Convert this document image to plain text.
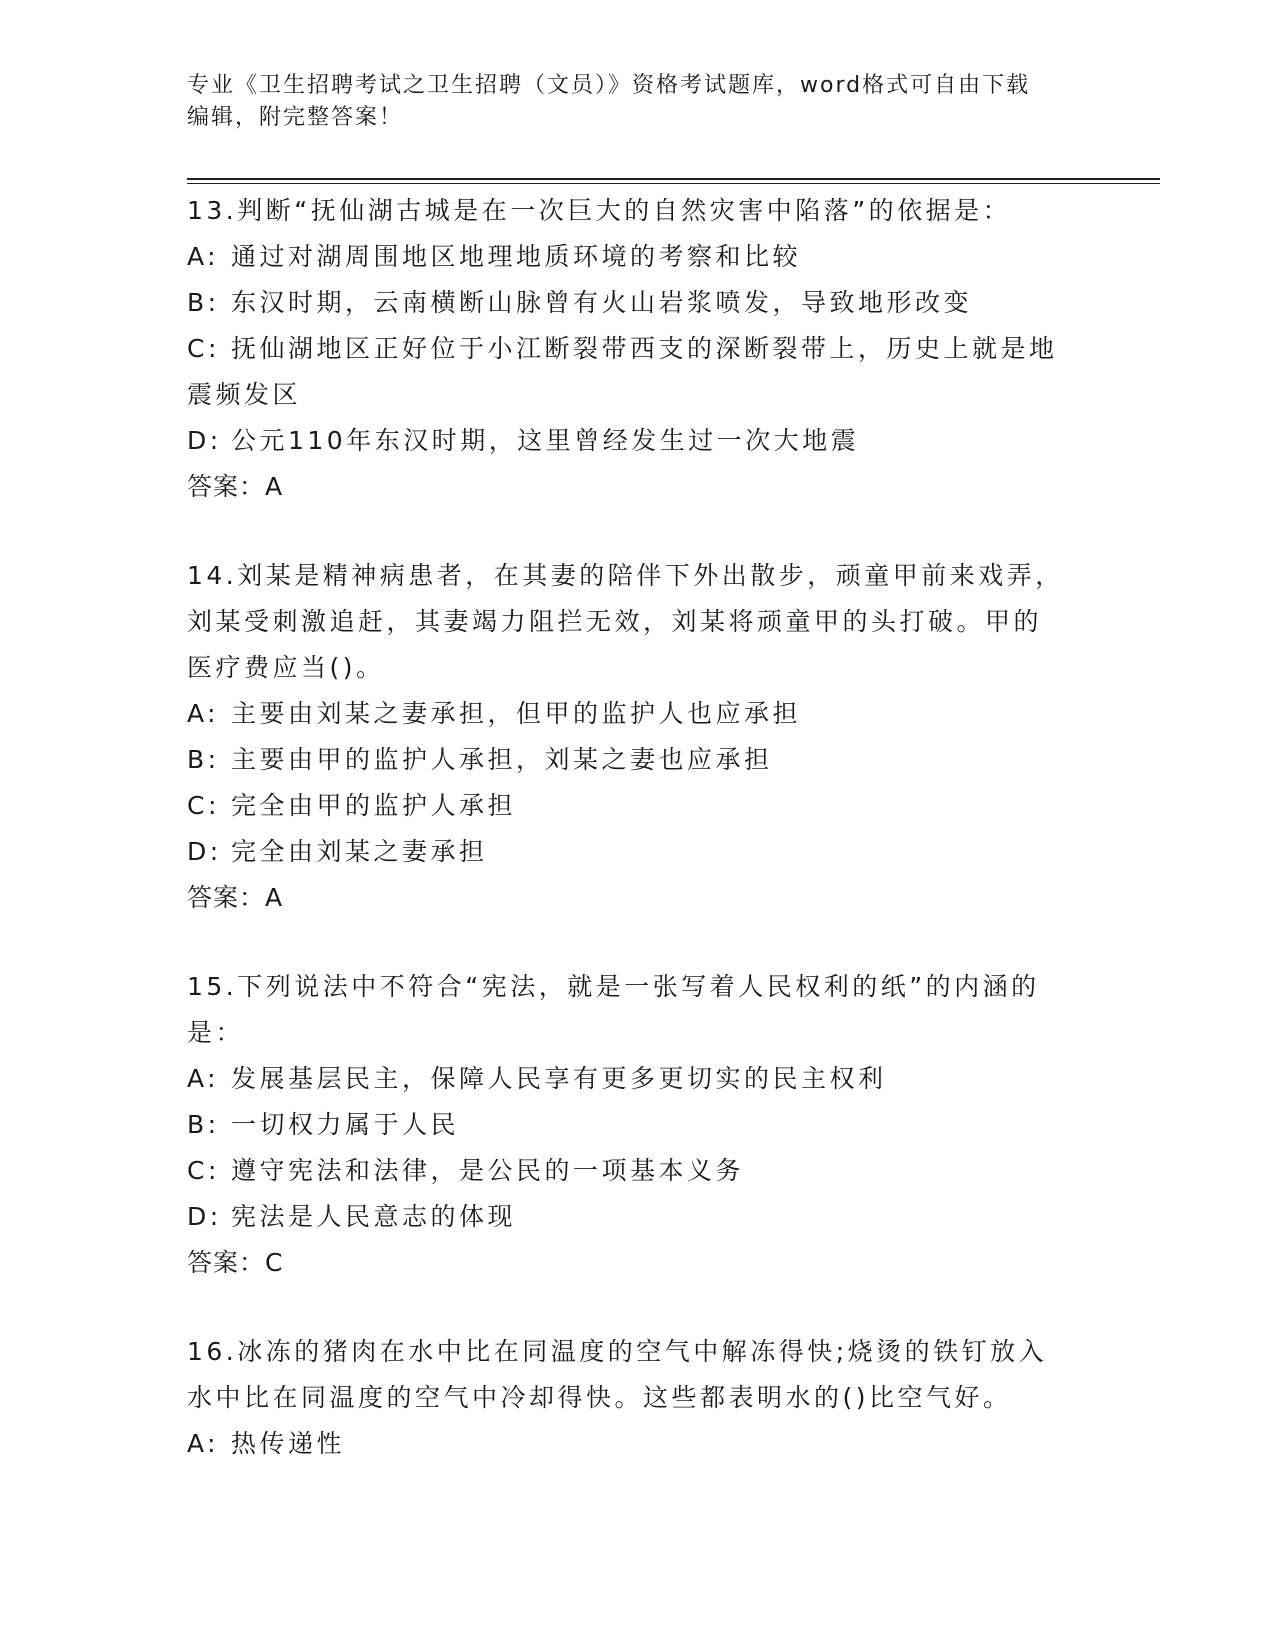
专业《卫生招聘考试之卫生招聘（文员）》资格考试题库，word格式可自由下载
编辑，附完整答案！
13.判断“抚仙湖古城是在一次巨大的自然灾害中陷落”的依据是：
A: 通过对湖周围地区地理地质环境的考察和比较
B: 东汉时期，云南横断山脉曾有火山岩浆喷发，导致地形改变
C: 抚仙湖地区正好位于小江断裂带西支的深断裂带上，历史上就是地
震频发区
D: 公元110年东汉时期，这里曾经发生过一次大地震
答案：A
14.刘某是精神病患者，在其妻的陪伴下外出散步，顽童甲前来戏弄，
刘某受刺激追赶，其妻竭力阻拦无效，刘某将顽童甲的头打破。甲的
医疗费应当()。
A: 主要由刘某之妻承担，但甲的监护人也应承担
B: 主要由甲的监护人承担，刘某之妻也应承担
C: 完全由甲的监护人承担
D: 完全由刘某之妻承担
答案：A
15.下列说法中不符合“宪法，就是一张写着人民权利的纸”的内涵的
是：
A: 发展基层民主，保障人民享有更多更切实的民主权利
B: 一切权力属于人民
C: 遵守宪法和法律，是公民的一项基本义务
D: 宪法是人民意志的体现
答案：C
16.冰冻的猪肉在水中比在同温度的空气中解冻得快;烧烫的铁钉放入
水中比在同温度的空气中冷却得快。这些都表明水的()比空气好。
A: 热传递性
